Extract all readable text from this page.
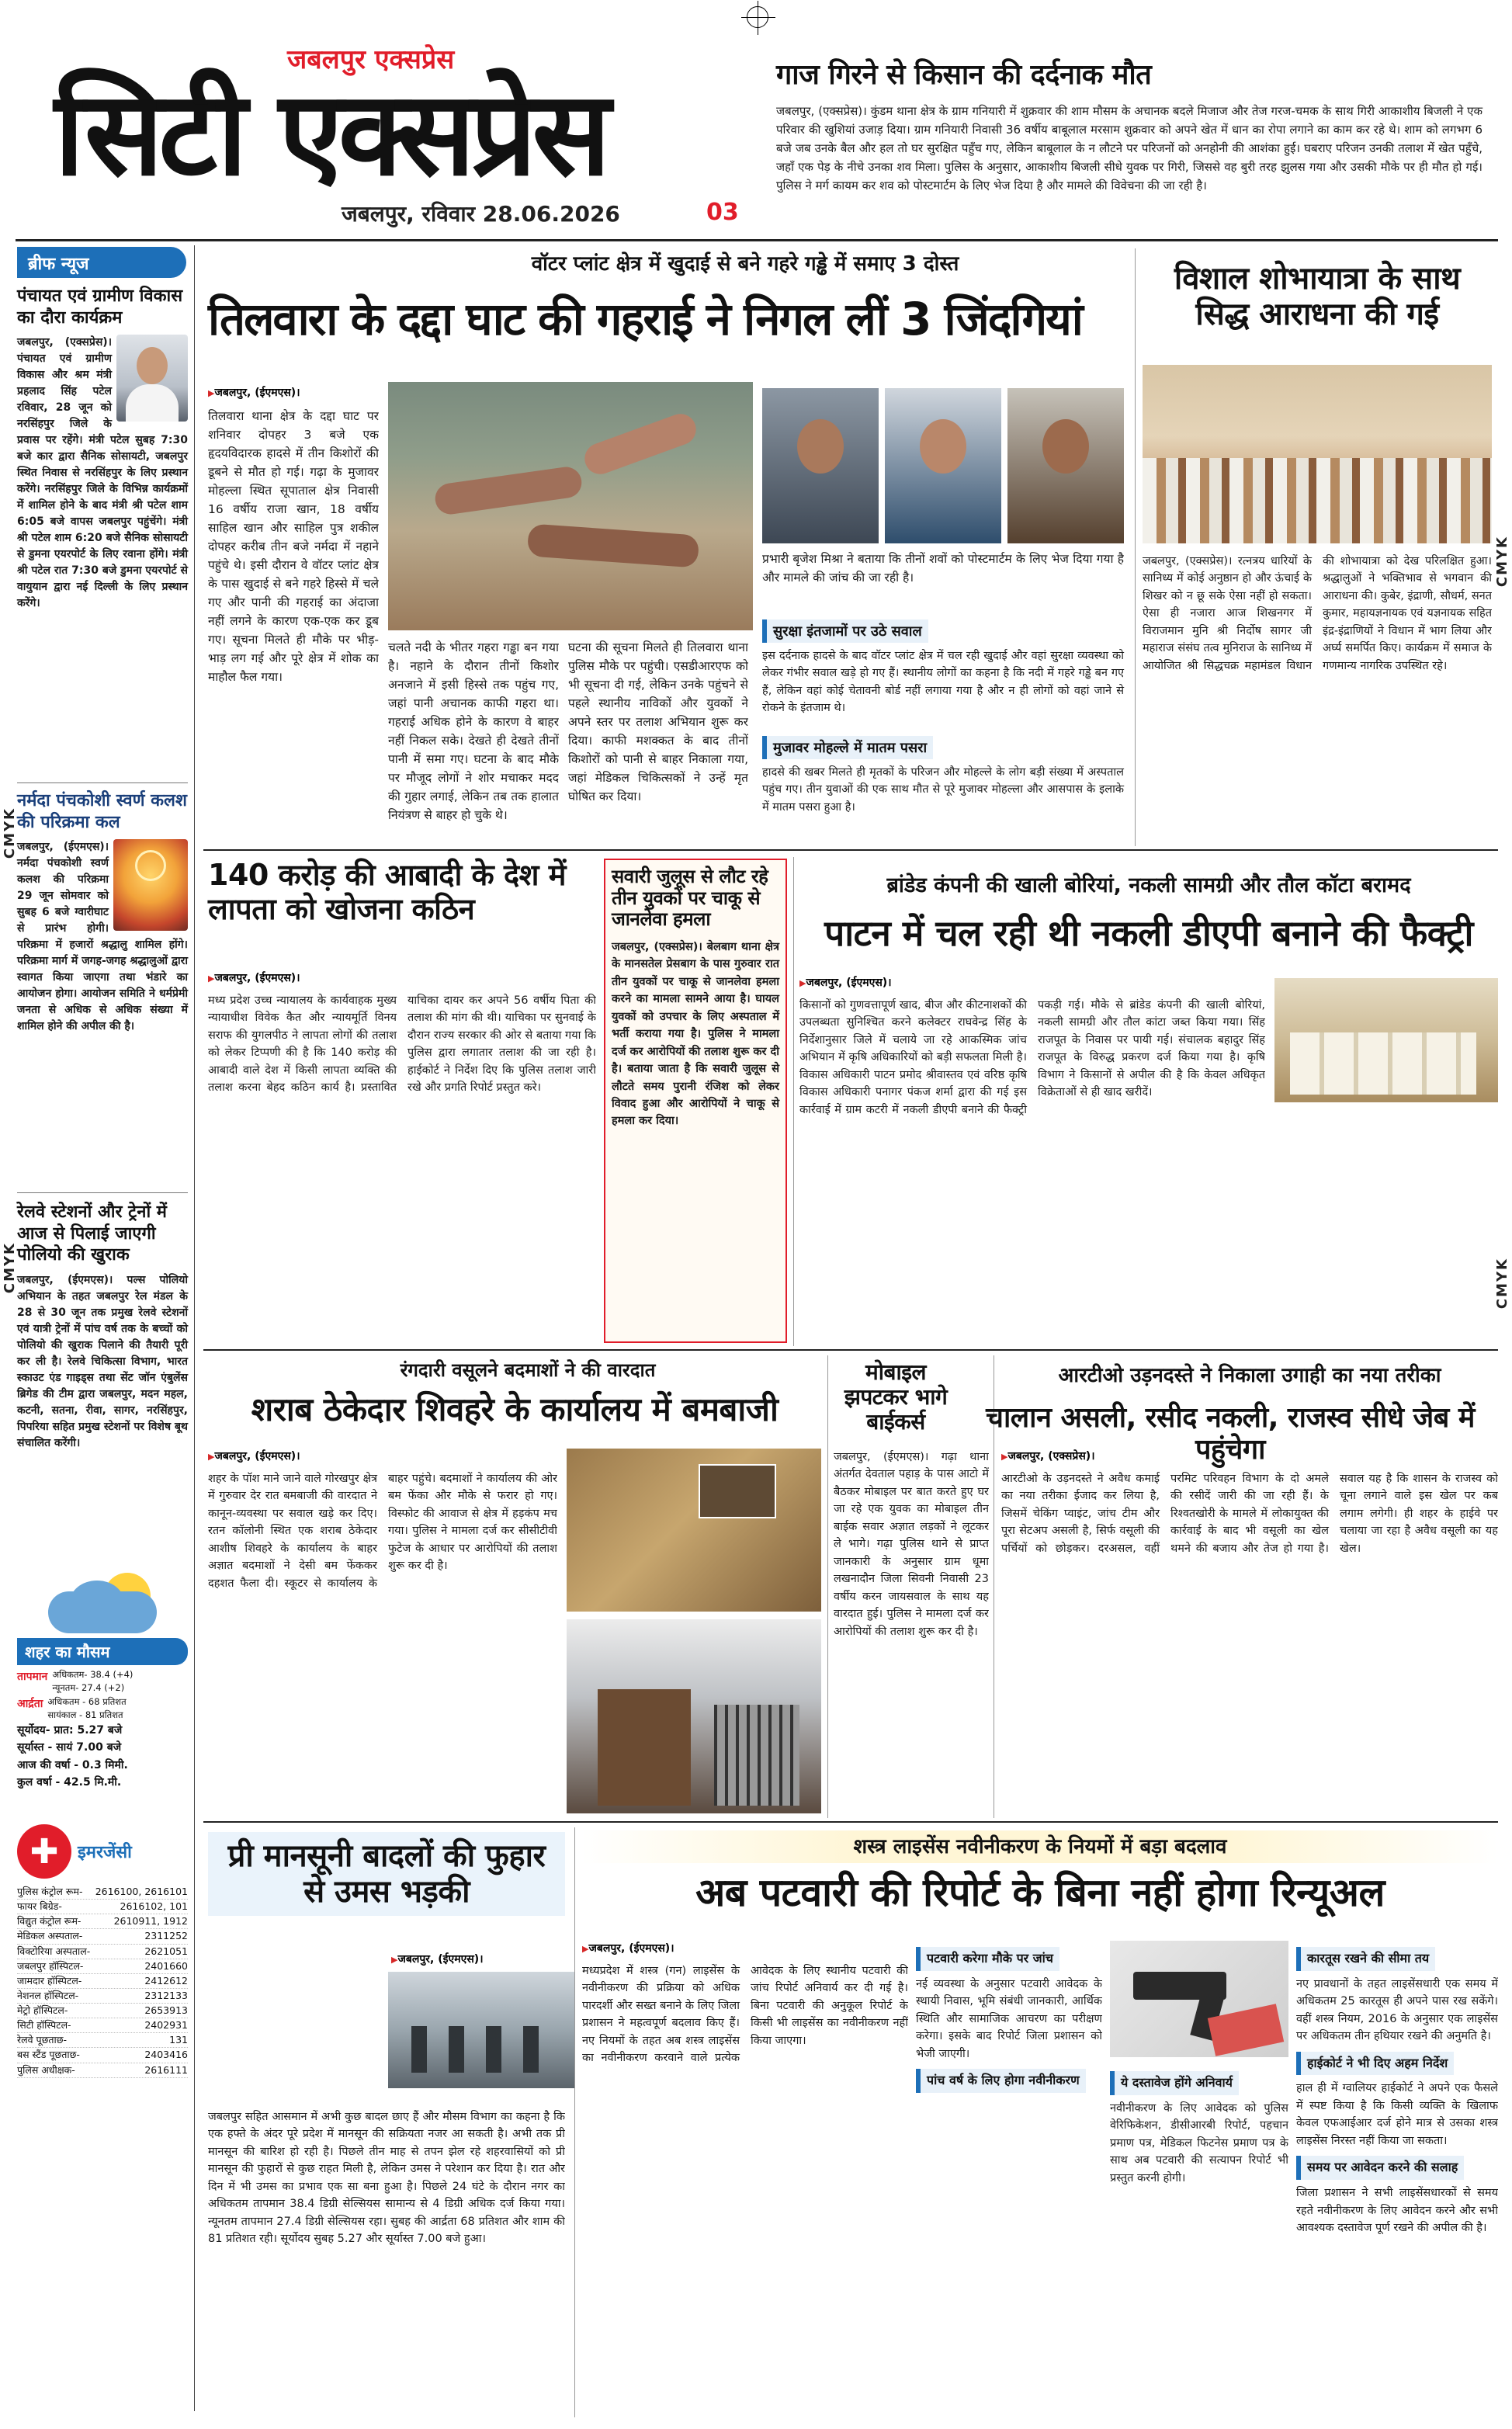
CMYK
CMYK
CMYK
CMYK
जबलपुर एक्सप्रेस
सिटी एक्सप्रेस
जबलपुर, रविवार 28.06.2026	03
गाज गिरने से किसान की दर्दनाक मौत
जबलपुर, (एक्सप्रेस)। कुंडम थाना क्षेत्र के ग्राम गनियारी में शुक्रवार की शाम मौसम के अचानक बदले मिजाज और तेज गरज-चमक के साथ गिरी आकाशीय बिजली ने एक परिवार की खुशियां उजाड़ दिया। ग्राम गनियारी निवासी 36 वर्षीय बाबूलाल मरसाम शुक्रवार को अपने खेत में धान का रोपा लगाने का काम कर रहे थे। शाम को लगभग 6 बजे जब उनके बैल और हल तो घर सुरक्षित पहुँच गए, लेकिन बाबूलाल के न लौटने पर परिजनों को अनहोनी की आशंका हुई। घबराए परिजन उनकी तलाश में खेत पहुँचे, जहाँ एक पेड़ के नीचे उनका शव मिला। पुलिस के अनुसार, आकाशीय बिजली सीधे युवक पर गिरी, जिससे वह बुरी तरह झुलस गया और उसकी मौके पर ही मौत हो गई। पुलिस ने मर्ग कायम कर शव को पोस्टमार्टम के लिए भेज दिया है और मामले की विवेचना की जा रही है।
ब्रीफ न्यूज
पंचायत एवं ग्रामीण विकास का दौरा कार्यक्रम
जबलपुर, (एक्सप्रेस)। पंचायत एवं ग्रामीण विकास और श्रम मंत्री प्रहलाद सिंह पटेल रविवार, 28 जून को नरसिंहपुर जिले के प्रवास पर रहेंगे। मंत्री पटेल सुबह 7:30 बजे कार द्वारा सैनिक सोसायटी, जबलपुर स्थित निवास से नरसिंहपुर के लिए प्रस्थान करेंगे। नरसिंहपुर जिले के विभिन्न कार्यक्रमों में शामिल होने के बाद मंत्री श्री पटेल शाम 6:05 बजे वापस जबलपुर पहुंचेंगे। मंत्री श्री पटेल शाम 6:20 बजे सैनिक सोसायटी से डुमना एयरपोर्ट के लिए रवाना होंगे। मंत्री श्री पटेल रात 7:30 बजे डुमना एयरपोर्ट से वायुयान द्वारा नई दिल्ली के लिए प्रस्थान करेंगे।
नर्मदा पंचकोशी स्वर्ण कलश की परिक्रमा कल
जबलपुर, (ईएमएस)। नर्मदा पंचकोशी स्वर्ण कलश की परिक्रमा 29 जून सोमवार को सुबह 6 बजे ग्वारीघाट से प्रारंभ होगी। परिक्रमा में हजारों श्रद्धालु शामिल होंगे। परिक्रमा मार्ग में जगह-जगह श्रद्धालुओं द्वारा स्वागत किया जाएगा तथा भंडारे का आयोजन होगा। आयोजन समिति ने धर्मप्रेमी जनता से अधिक से अधिक संख्या में शामिल होने की अपील की है।
रेलवे स्टेशनों और ट्रेनों में आज से पिलाई जाएगी पोलियो की खुराक
जबलपुर, (ईएमएस)। पल्स पोलियो अभियान के तहत जबलपुर रेल मंडल के 28 से 30 जून तक प्रमुख रेलवे स्टेशनों एवं यात्री ट्रेनों में पांच वर्ष तक के बच्चों को पोलियो की खुराक पिलाने की तैयारी पूरी कर ली है। रेलवे चिकित्सा विभाग, भारत स्काउट एंड गाइड्स तथा सेंट जॉन एंबुलेंस ब्रिगेड की टीम द्वारा जबलपुर, मदन महल, कटनी, सतना, रीवा, सागर, नरसिंहपुर, पिपरिया सहित प्रमुख स्टेशनों पर विशेष बूथ संचालित करेंगी।
शहर का मौसम
तापमान अधिकतम- 38.4 (+4)
न्यूनतम- 27.4 (+2)
आर्द्रता अधिकतम - 68 प्रतिशत
सायंकाल - 81 प्रतिशत
सूर्योदय- प्रात: 5.27 बजे
सूर्यास्त - सायं 7.00 बजे
आज की वर्षा - 0.3 मिमी.
कुल वर्षा - 42.5 मि.मी.
✚	इमरजेंसी
पुलिस कंट्रोल रूम- 2616100, 2616101
फायर बिग्रेड-	2616102, 101
विद्युत कंट्रोल रूम-	2610911, 1912
मेडिकल अस्पताल-	2311252
विक्टोरिया अस्पताल-	2621051
जबलपुर हॉस्पिटल-	2401660
जामदार हॉस्पिटल-	2412612
नेशनल हॉस्पिटल-	2312133
मेट्रो हॉस्पिटल-	2653913
सिटी हॉस्पिटल-	2402931
रेलवे पूछताछ-	131
बस स्टैंड पूछताछ-	2403416
पुलिस अधीक्षक-	2616111
वॉटर प्लांट क्षेत्र में खुदाई से बने गहरे गड्ढे में समाए 3 दोस्त
तिलवारा के दद्दा घाट की गहराई ने निगल लीं 3 जिंदगियां
▶ जबलपुर, (ईएमएस)।

तिलवारा थाना क्षेत्र के दद्दा घाट पर शनिवार दोपहर 3 बजे एक हृदयविदारक हादसे में तीन किशोरों की डूबने से मौत हो गई। गढ़ा के मुजावर मोहल्ला स्थित सूपाताल क्षेत्र निवासी 16 वर्षीय राजा खान, 18 वर्षीय साहिल खान और साहिल पुत्र शकील दोपहर करीब तीन बजे नर्मदा में नहाने पहुंचे थे। इसी दौरान वे वॉटर प्लांट क्षेत्र के पास खुदाई से बने गहरे हिस्से में चले गए और पानी की गहराई का अंदाजा नहीं लगने के कारण एक-एक कर डूब गए। सूचना मिलते ही मौके पर भीड़-भाड़ लग गई और पूरे क्षेत्र में शोक का माहौल फैल गया।

चलते नदी के भीतर गहरा गड्ढा बन गया है। नहाने के दौरान तीनों किशोर अनजाने में इसी हिस्से तक पहुंच गए, जहां पानी अचानक काफी गहरा था। गहराई अधिक होने के कारण वे बाहर नहीं निकल सके। देखते ही देखते तीनों पानी में समा गए। घटना के बाद मौके पर मौजूद लोगों ने शोर मचाकर मदद की गुहार लगाई, लेकिन तब तक हालात नियंत्रण से बाहर हो चुके थे।

घटना की सूचना मिलते ही तिलवारा थाना पुलिस मौके पर पहुंची। एसडीआरएफ को भी सूचना दी गई, लेकिन उनके पहुंचने से पहले स्थानीय नाविकों और युवकों ने अपने स्तर पर तलाश अभियान शुरू कर दिया। काफी मशक्कत के बाद तीनों किशोरों को पानी से बाहर निकाला गया, जहां मेडिकल चिकित्सकों ने उन्हें मृत घोषित कर दिया।

प्रभारी बृजेश मिश्रा ने बताया कि तीनों शवों को पोस्टमार्टम के लिए भेज दिया गया है और मामले की जांच की जा रही है।

सुरक्षा इंतजामों पर उठे सवाल
इस दर्दनाक हादसे के बाद वॉटर प्लांट क्षेत्र में चल रही खुदाई और वहां सुरक्षा व्यवस्था को लेकर गंभीर सवाल खड़े हो गए हैं। स्थानीय लोगों का कहना है कि नदी में गहरे गड्ढे बन गए हैं, लेकिन वहां कोई चेतावनी बोर्ड नहीं लगाया गया है और न ही लोगों को वहां जाने से रोकने के इंतजाम थे।
मुजावर मोहल्ले में मातम पसरा
हादसे की खबर मिलते ही मृतकों के परिजन और मोहल्ले के लोग बड़ी संख्या में अस्पताल पहुंच गए। तीन युवाओं की एक साथ मौत से पूरे मुजावर मोहल्ला और आसपास के इलाके में मातम पसरा हुआ है।
विशाल शोभायात्रा के साथ सिद्ध आराधना की गई
जबलपुर, (एक्सप्रेस)। रत्नत्रय धारियों के सानिध्य में कोई अनुष्ठान हो और ऊंचाई के शिखर को न छू सके ऐसा नहीं हो सकता। ऐसा ही नजारा आज शिखनगर में विराजमान मुनि श्री निर्दोष सागर जी महाराज संसंघ तत्व मुनिराज के सानिध्य में आयोजित श्री सिद्धचक्र महामंडल विधान की शोभायात्रा को देख परिलक्षित हुआ। श्रद्धालुओं ने भक्तिभाव से भगवान की आराधना की। कुबेर, इंद्राणी, सौधर्म, सनत कुमार, महायज्ञनायक एवं यज्ञनायक सहित इंद्र-इंद्राणियों ने विधान में भाग लिया और अर्घ्य समर्पित किए। कार्यक्रम में समाज के गणमान्य नागरिक उपस्थित रहे।
140 करोड़ की आबादी के देश में लापता को खोजना कठिन
▶ जबलपुर, (ईएमएस)।
मध्य प्रदेश उच्च न्यायालय के कार्यवाहक मुख्य न्यायाधीश विवेक कैत और न्यायमूर्ति विनय सराफ की युगलपीठ ने लापता लोगों की तलाश को लेकर टिप्पणी की है कि 140 करोड़ की आबादी वाले देश में किसी लापता व्यक्ति की तलाश करना बेहद कठिन कार्य है। प्रस्तावित याचिका दायर कर अपने 56 वर्षीय पिता की तलाश की मांग की थी। याचिका पर सुनवाई के दौरान राज्य सरकार की ओर से बताया गया कि पुलिस द्वारा लगातार तलाश की जा रही है। हाईकोर्ट ने निर्देश दिए कि पुलिस तलाश जारी रखे और प्रगति रिपोर्ट प्रस्तुत करे।
सवारी जुलूस से लौट रहे तीन युवकों पर चाकू से जानलेवा हमला
जबलपुर, (एक्सप्रेस)। बेलबाग थाना क्षेत्र के मानसतेल प्रेसबाग के पास गुरुवार रात तीन युवकों पर चाकू से जानलेवा हमला करने का मामला सामने आया है। घायल युवकों को उपचार के लिए अस्पताल में भर्ती कराया गया है। पुलिस ने मामला दर्ज कर आरोपियों की तलाश शुरू कर दी है। बताया जाता है कि सवारी जुलूस से लौटते समय पुरानी रंजिश को लेकर विवाद हुआ और आरोपियों ने चाकू से हमला कर दिया।
ब्रांडेड कंपनी की खाली बोरियां, नकली सामग्री और तौल कॉटा बरामद
पाटन में चल रही थी नकली डीएपी बनाने की फैक्ट्री
▶ जबलपुर, (ईएमएस)।
किसानों को गुणवत्तापूर्ण खाद, बीज और कीटनाशकों की उपलब्धता सुनिश्चित करने कलेक्टर राघवेन्द्र सिंह के निर्देशानुसार जिले में चलाये जा रहे आकस्मिक जांच अभियान में कृषि अधिकारियों को बड़ी सफलता मिली है। विकास अधिकारी पाटन प्रमोद श्रीवास्तव एवं वरिष्ठ कृषि विकास अधिकारी पनागर पंकज शर्मा द्वारा की गई इस कार्रवाई में ग्राम कटरी में नकली डीएपी बनाने की फैक्ट्री पकड़ी गई। मौके से ब्रांडेड कंपनी की खाली बोरियां, नकली सामग्री और तौल कांटा जब्त किया गया। सिंह राजपूत के निवास पर पायी गई। संचालक बहादुर सिंह राजपूत के विरुद्ध प्रकरण दर्ज किया गया है। कृषि विभाग ने किसानों से अपील की है कि केवल अधिकृत विक्रेताओं से ही खाद खरीदें।
रंगदारी वसूलने बदमाशों ने की वारदात
शराब ठेकेदार शिवहरे के कार्यालय में बमबाजी
▶ जबलपुर, (ईएमएस)।
शहर के पॉश माने जाने वाले गोरखपुर क्षेत्र में गुरुवार देर रात बमबाजी की वारदात ने कानून-व्यवस्था पर सवाल खड़े कर दिए। रतन कॉलोनी स्थित एक शराब ठेकेदार आशीष शिवहरे के कार्यालय के बाहर अज्ञात बदमाशों ने देसी बम फेंककर दहशत फैला दी। स्कूटर से कार्यालय के बाहर पहुंचे। बदमाशों ने कार्यालय की ओर बम फेंका और मौके से फरार हो गए। विस्फोट की आवाज से क्षेत्र में हड़कंप मच गया। पुलिस ने मामला दर्ज कर सीसीटीवी फुटेज के आधार पर आरोपियों की तलाश शुरू कर दी है।
मोबाइल झपटकर भागे बाईकर्स
जबलपुर, (ईएमएस)। गढ़ा थाना अंतर्गत देवताल पहाड़ के पास आटो में बैठकर मोबाइल पर बात करते हुए घर जा रहे एक युवक का मोबाइल तीन बाईक सवार अज्ञात लड़कों ने लूटकर ले भागे। गढ़ा पुलिस थाने से प्राप्त जानकारी के अनुसार ग्राम धूमा लखनादौन जिला सिवनी निवासी 23 वर्षीय करन जायसवाल के साथ यह वारदात हुई। पुलिस ने मामला दर्ज कर आरोपियों की तलाश शुरू कर दी है।
आरटीओ उड़नदस्ते ने निकाला उगाही का नया तरीका
चालान असली, रसीद नकली, राजस्व सीधे जेब में पहुंचेगा
▶ जबलपुर, (एक्सप्रेस)।
आरटीओ के उड़नदस्ते ने अवैध कमाई का नया तरीका ईजाद कर लिया है, जिसमें चेकिंग प्वाइंट, जांच टीम और पूरा सेटअप असली है, सिर्फ वसूली की पर्चियों को छोड़कर। दरअसल, वहीं परमिट परिवहन विभाग के दो अमले की रसीदें जारी की जा रही हैं। के रिश्वतखोरी के मामले में लोकायुक्त की कार्रवाई के बाद भी वसूली का खेल थमने की बजाय और तेज हो गया है। सवाल यह है कि शासन के राजस्व को चूना लगाने वाले इस खेल पर कब लगाम लगेगी। ही शहर के हाईवे पर चलाया जा रहा है अवैध वसूली का यह खेल।
प्री मानसूनी बादलों की फुहार से उमस भड़की
▶ जबलपुर, (ईएमएस)।
जबलपुर सहित आसमान में अभी कुछ बादल छाए हैं और मौसम विभाग का कहना है कि एक हफ्ते के अंदर पूरे प्रदेश में मानसून की सक्रियता नजर आ सकती है। अभी तक प्री मानसून की बारिश हो रही है। पिछले तीन माह से तपन झेल रहे शहरवासियों को प्री मानसून की फुहारों से कुछ राहत मिली है, लेकिन उमस ने परेशान कर दिया है। रात और दिन में भी उमस का प्रभाव एक सा बना हुआ है। पिछले 24 घंटे के दौरान नगर का अधिकतम तापमान 38.4 डिग्री सेल्सियस सामान्य से 4 डिग्री अधिक दर्ज किया गया। न्यूनतम तापमान 27.4 डिग्री सेल्सियस रहा। सुबह की आर्द्रता 68 प्रतिशत और शाम की 81 प्रतिशत रही। सूर्योदय सुबह 5.27 और सूर्यास्त 7.00 बजे हुआ।
शस्त्र लाइसेंस नवीनीकरण के नियमों में बड़ा बदलाव
अब पटवारी की रिपोर्ट के बिना नहीं होगा रिन्यूअल
▶ जबलपुर, (ईएमएस)।
मध्यप्रदेश में शस्त्र (गन) लाइसेंस के नवीनीकरण की प्रक्रिया को अधिक पारदर्शी और सख्त बनाने के लिए जिला प्रशासन ने महत्वपूर्ण बदलाव किए हैं। नए नियमों के तहत अब शस्त्र लाइसेंस का नवीनीकरण करवाने वाले प्रत्येक आवेदक के लिए स्थानीय पटवारी की जांच रिपोर्ट अनिवार्य कर दी गई है। बिना पटवारी की अनुकूल रिपोर्ट के किसी भी लाइसेंस का नवीनीकरण नहीं किया जाएगा।
पटवारी करेगा मौके पर जांच
नई व्यवस्था के अनुसार पटवारी आवेदक के स्थायी निवास, भूमि संबंधी जानकारी, आर्थिक स्थिति और सामाजिक आचरण का परीक्षण करेगा। इसके बाद रिपोर्ट जिला प्रशासन को भेजी जाएगी।
पांच वर्ष के लिए होगा नवीनीकरण	ये दस्तावेज होंगे अनिवार्य
नवीनीकरण के लिए आवेदक को पुलिस वेरिफिकेशन, डीसीआरबी रिपोर्ट, पहचान प्रमाण पत्र, मेडिकल फिटनेस प्रमाण पत्र के साथ अब पटवारी की सत्यापन रिपोर्ट भी प्रस्तुत करनी होगी।
कारतूस रखने की सीमा तय
नए प्रावधानों के तहत लाइसेंसधारी एक समय में अधिकतम 25 कारतूस ही अपने पास रख सकेंगे। वहीं शस्त्र नियम, 2016 के अनुसार एक लाइसेंस पर अधिकतम तीन हथियार रखने की अनुमति है।
हाईकोर्ट ने भी दिए अहम निर्देश
हाल ही में ग्वालियर हाईकोर्ट ने अपने एक फैसले में स्पष्ट किया है कि किसी व्यक्ति के खिलाफ केवल एफआईआर दर्ज होने मात्र से उसका शस्त्र लाइसेंस निरस्त नहीं किया जा सकता।
समय पर आवेदन करने की सलाह
जिला प्रशासन ने सभी लाइसेंसधारकों से समय रहते नवीनीकरण के लिए आवेदन करने और सभी आवश्यक दस्तावेज पूर्ण रखने की अपील की है।
